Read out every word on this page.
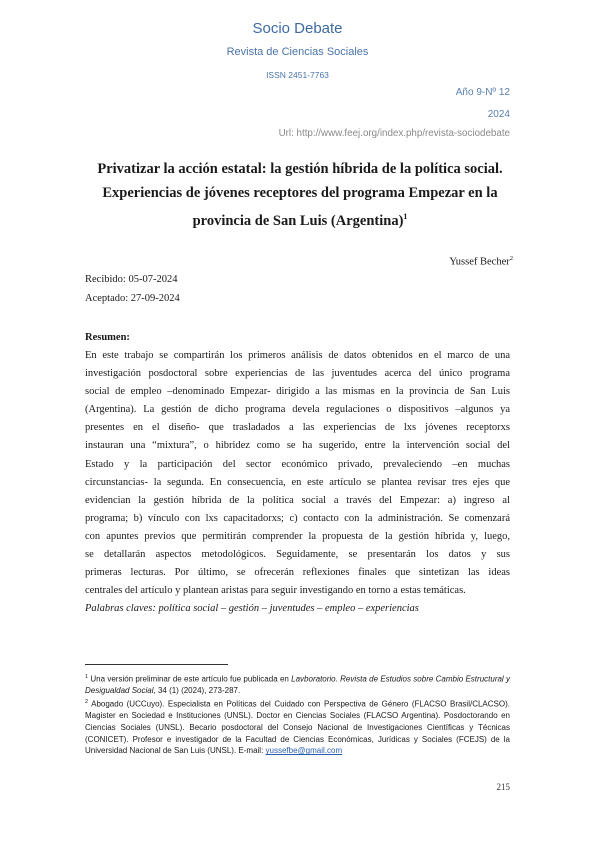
Socio Debate
Revista de Ciencias Sociales
ISSN 2451-7763
Año 9-Nº 12
2024
Url: http://www.feej.org/index.php/revista-sociodebate
Privatizar la acción estatal: la gestión híbrida de la política social.
Experiencias de jóvenes receptores del programa Empezar en la
provincia de San Luis (Argentina)$^1$
Yussef Becher$^2$
Recibido: 05-07-2024
Aceptado: 27-09-2024
Resumen:
En este trabajo se compartirán los primeros análisis de datos obtenidos en el marco de una
investigación posdoctoral sobre experiencias de las juventudes acerca del único programa
social de empleo –denominado Empezar- dirigido a las mismas en la provincia de San Luis
(Argentina). La gestión de dicho programa devela regulaciones o dispositivos –algunos ya
presentes en el diseño- que trasladados a las experiencias de lxs jóvenes receptorxs
instauran una “mixtura”, o hibridez como se ha sugerido, entre la intervención social del
Estado y la participación del sector económico privado, prevaleciendo –en muchas
circunstancias- la segunda. En consecuencia, en este artículo se plantea revisar tres ejes que
evidencian la gestión híbrida de la política social a través del Empezar: a) ingreso al
programa; b) vínculo con lxs capacitadorxs; c) contacto con la administración. Se comenzará
con apuntes previos que permitirán comprender la propuesta de la gestión híbrida y, luego,
se detallarán aspectos metodológicos. Seguidamente, se presentarán los datos y sus
primeras lecturas. Por último, se ofrecerán reflexiones finales que sintetizan las ideas
centrales del artículo y plantean aristas para seguir investigando en torno a estas temáticas.
Palabras claves: política social – gestión – juventudes – empleo – experiencias
$^1$ Una versión preliminar de este artículo fue publicada en Lavboratorio. Revista de Estudios sobre Cambio Estructural y Desigualdad Social, 34 (1) (2024), 273-287.
$^2$ Abogado (UCCuyo). Especialista en Políticas del Cuidado con Perspectiva de Género (FLACSO Brasil/CLACSO). Magister en Sociedad e Instituciones (UNSL). Doctor en Ciencias Sociales (FLACSO Argentina). Posdoctorando en Ciencias Sociales (UNSL). Becario posdoctoral del Consejo Nacional de Investigaciones Científicas y Técnicas (CONICET). Profesor e investigador de la Facultad de Ciencias Económicas, Jurídicas y Sociales (FCEJS) de la Universidad Nacional de San Luis (UNSL). E-mail: yussefbe@gmail.com
215
